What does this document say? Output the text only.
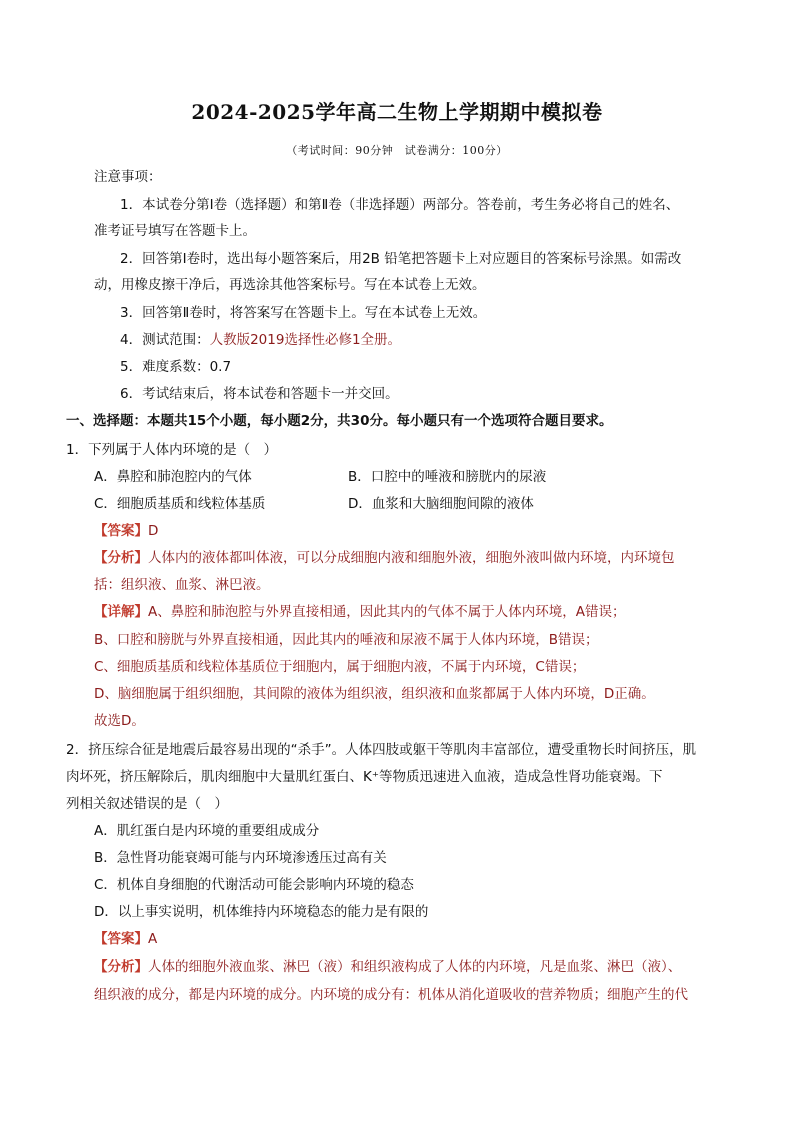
2024-2025学年高二生物上学期期中模拟卷
（考试时间：90分钟　试卷满分：100分）
注意事项：
1．本试卷分第Ⅰ卷（选择题）和第Ⅱ卷（非选择题）两部分。答卷前，考生务必将自己的姓名、
准考证号填写在答题卡上。
2．回答第Ⅰ卷时，选出每小题答案后，用2B 铅笔把答题卡上对应题目的答案标号涂黑。如需改
动，用橡皮擦干净后，再选涂其他答案标号。写在本试卷上无效。
3．回答第Ⅱ卷时，将答案写在答题卡上。写在本试卷上无效。
4．测试范围：人教版2019选择性必修1全册。
5．难度系数：0.7
6．考试结束后，将本试卷和答题卡一并交回。
一、选择题：本题共15个小题，每小题2分，共30分。每小题只有一个选项符合题目要求。
1．下列属于人体内环境的是（　）
A．鼻腔和肺泡腔内的气体	B．口腔中的唾液和膀胱内的尿液
C．细胞质基质和线粒体基质	D．血浆和大脑细胞间隙的液体
【答案】D
【分析】人体内的液体都叫体液，可以分成细胞内液和细胞外液，细胞外液叫做内环境，内环境包
括：组织液、血浆、淋巴液。
【详解】A、鼻腔和肺泡腔与外界直接相通，因此其内的气体不属于人体内环境，A错误；
B、口腔和膀胱与外界直接相通，因此其内的唾液和尿液不属于人体内环境，B错误；
C、细胞质基质和线粒体基质位于细胞内，属于细胞内液，不属于内环境，C错误；
D、脑细胞属于组织细胞，其间隙的液体为组织液，组织液和血浆都属于人体内环境，D正确。
故选D。
2．挤压综合征是地震后最容易出现的“杀手”。人体四肢或躯干等肌肉丰富部位，遭受重物长时间挤压，肌
肉坏死，挤压解除后，肌肉细胞中大量肌红蛋白、K⁺等物质迅速进入血液，造成急性肾功能衰竭。下
列相关叙述错误的是（　）
A．肌红蛋白是内环境的重要组成成分
B．急性肾功能衰竭可能与内环境渗透压过高有关
C．机体自身细胞的代谢活动可能会影响内环境的稳态
D．以上事实说明，机体维持内环境稳态的能力是有限的
【答案】A
【分析】人体的细胞外液血浆、淋巴（液）和组织液构成了人体的内环境，凡是血浆、淋巴（液）、
组织液的成分，都是内环境的成分。内环境的成分有：机体从消化道吸收的营养物质；细胞产生的代
